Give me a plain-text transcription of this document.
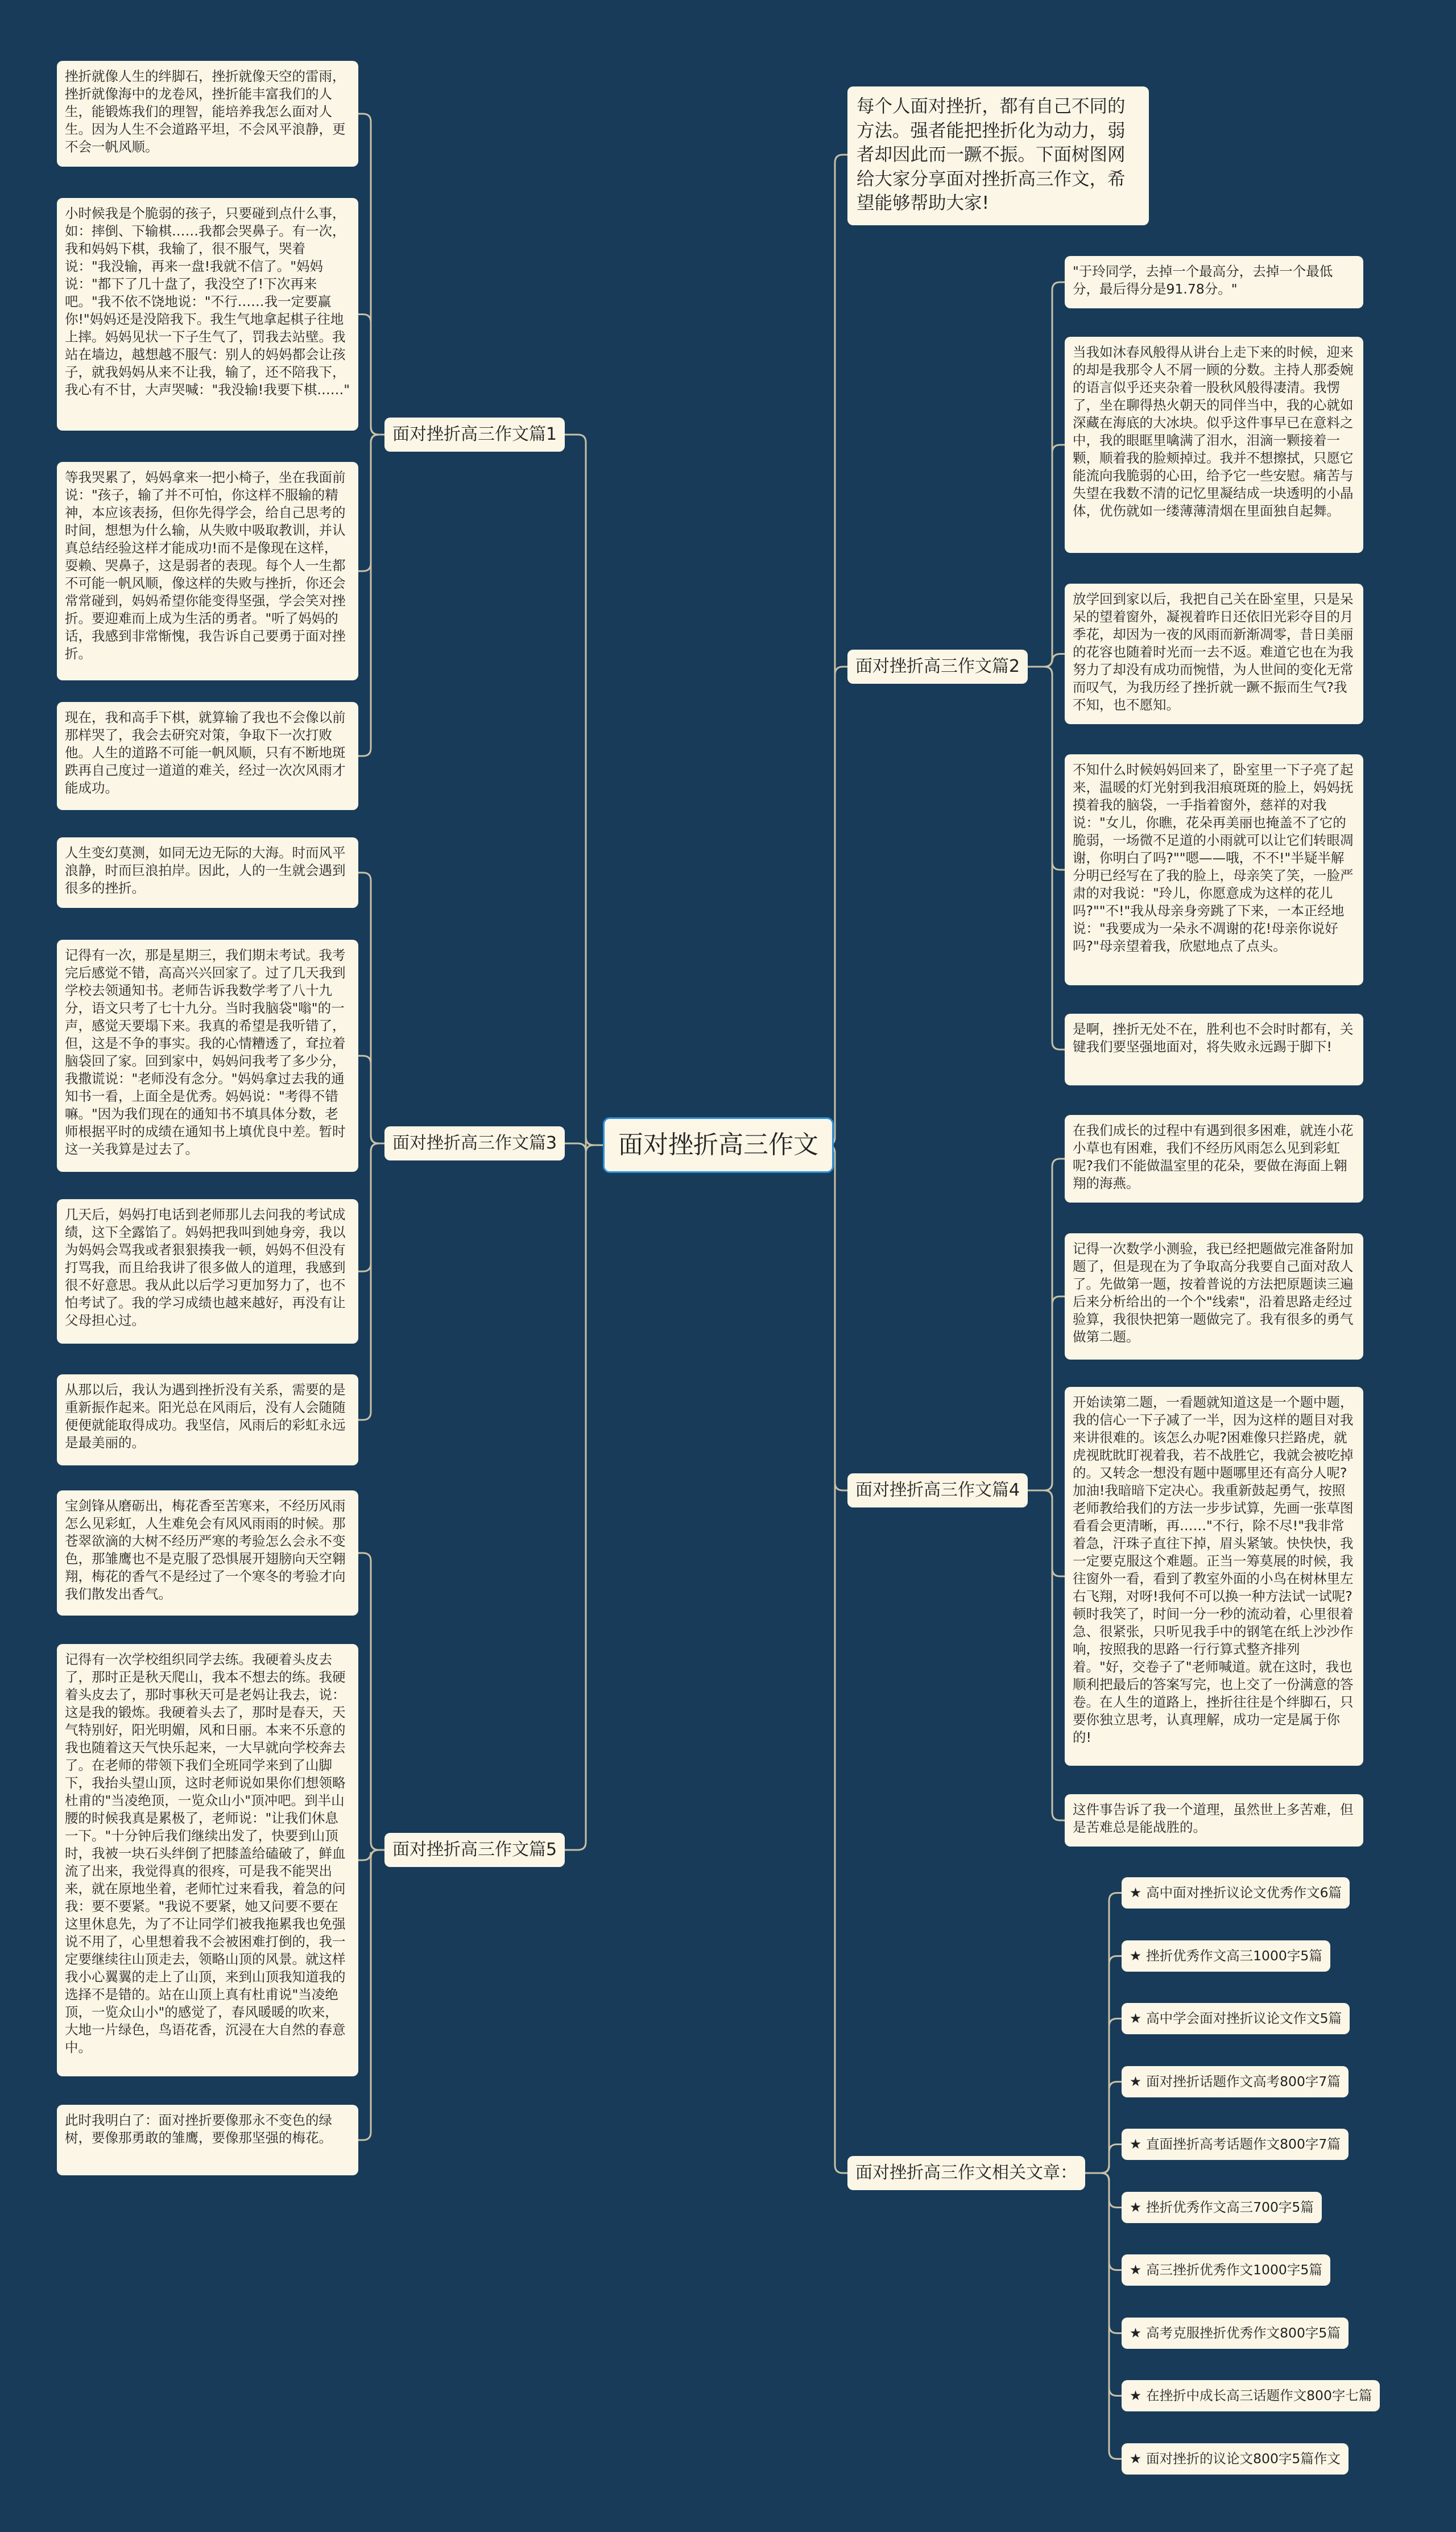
面对挫折高三作文
每个人面对挫折，都有自己不同的方法。强者能把挫折化为动力，弱者却因此而一蹶不振。下面树图网给大家分享面对挫折高三作文，希望能够帮助大家!
面对挫折高三作文篇1
挫折就像人生的绊脚石，挫折就像天空的雷雨，挫折就像海中的龙卷风，挫折能丰富我们的人生，能锻炼我们的理智，能培养我怎么面对人生。因为人生不会道路平坦，不会风平浪静，更不会一帆风顺。
小时候我是个脆弱的孩子，只要碰到点什么事，如：摔倒、下输棋……我都会哭鼻子。有一次，我和妈妈下棋，我输了，很不服气，哭着说："我没输，再来一盘!我就不信了。"妈妈说："都下了几十盘了，我没空了!下次再来吧。"我不依不饶地说："不行……我一定要赢你!"妈妈还是没陪我下。我生气地拿起棋子往地上摔。妈妈见状一下子生气了，罚我去站壁。我站在墙边，越想越不服气：别人的妈妈都会让孩子，就我妈妈从来不让我，输了，还不陪我下，我心有不甘，大声哭喊："我没输!我要下棋……"
等我哭累了，妈妈拿来一把小椅子，坐在我面前说："孩子，输了并不可怕，你这样不服输的精神，本应该表扬，但你先得学会，给自己思考的时间，想想为什么输，从失败中吸取教训，并认真总结经验这样才能成功!而不是像现在这样，耍赖、哭鼻子，这是弱者的表现。每个人一生都不可能一帆风顺，像这样的失败与挫折，你还会常常碰到，妈妈希望你能变得坚强，学会笑对挫折。要迎难而上成为生活的勇者。"听了妈妈的话，我感到非常惭愧，我告诉自己要勇于面对挫折。
现在，我和高手下棋，就算输了我也不会像以前那样哭了，我会去研究对策，争取下一次打败他。人生的道路不可能一帆风顺，只有不断地斑跌再自己度过一道道的难关，经过一次次风雨才能成功。
面对挫折高三作文篇3
人生变幻莫测，如同无边无际的大海。时而风平浪静，时而巨浪拍岸。因此，人的一生就会遇到很多的挫折。
记得有一次，那是星期三，我们期末考试。我考完后感觉不错，高高兴兴回家了。过了几天我到学校去领通知书。老师告诉我数学考了八十九分，语文只考了七十九分。当时我脑袋"嗡"的一声，感觉天要塌下来。我真的希望是我听错了，但，这是不争的事实。我的心情糟透了，耷拉着脑袋回了家。回到家中，妈妈问我考了多少分，我撒谎说："老师没有念分。"妈妈拿过去我的通知书一看，上面全是优秀。妈妈说："考得不错嘛。"因为我们现在的通知书不填具体分数，老师根据平时的成绩在通知书上填优良中差。暂时这一关我算是过去了。
几天后，妈妈打电话到老师那儿去问我的考试成绩，这下全露馅了。妈妈把我叫到她身旁，我以为妈妈会骂我或者狠狠揍我一顿，妈妈不但没有打骂我，而且给我讲了很多做人的道理，我感到很不好意思。我从此以后学习更加努力了，也不怕考试了。我的学习成绩也越来越好，再没有让父母担心过。
从那以后，我认为遇到挫折没有关系，需要的是重新振作起来。阳光总在风雨后，没有人会随随便便就能取得成功。我坚信，风雨后的彩虹永远是最美丽的。
面对挫折高三作文篇5
宝剑锋从磨砺出，梅花香至苦寒来，不经历风雨怎么见彩虹，人生难免会有风风雨雨的时候。那苍翠欲滴的大树不经历严寒的考验怎么会永不变色，那雏鹰也不是克服了恐惧展开翅膀向天空翱翔，梅花的香气不是经过了一个寒冬的考验才向我们散发出香气。
记得有一次学校组织同学去练。我硬着头皮去了，那时正是秋天爬山，我本不想去的练。我硬着头皮去了，那时事秋天可是老妈让我去，说：这是我的锻炼。我硬着头去了，那时是春天，天气特别好，阳光明媚，风和日丽。本来不乐意的我也随着这天气快乐起来，一大早就向学校奔去了。在老师的带领下我们全班同学来到了山脚下，我抬头望山顶，这时老师说如果你们想领略杜甫的"当凌绝顶，一览众山小"顶冲吧。到半山腰的时候我真是累极了，老师说："让我们休息一下。"十分钟后我们继续出发了，快要到山顶时，我被一块石头绊倒了把膝盖给磕破了，鲜血流了出来，我觉得真的很疼，可是我不能哭出来，就在原地坐着，老师忙过来看我，着急的问我：要不要紧。"我说不要紧，她又问要不要在这里休息先，为了不让同学们被我拖累我也免强说不用了，心里想着我不会被困难打倒的，我一定要继续往山顶走去，领略山顶的风景。就这样我小心翼翼的走上了山顶，来到山顶我知道我的选择不是错的。站在山顶上真有杜甫说"当凌绝顶，一览众山小"的感觉了，春风暖暖的吹来，大地一片绿色，鸟语花香，沉浸在大自然的春意中。
此时我明白了：面对挫折要像那永不变色的绿树，要像那勇敢的雏鹰，要像那坚强的梅花。
面对挫折高三作文篇2
"于玲同学，去掉一个最高分，去掉一个最低分，最后得分是91.78分。"
当我如沐春风般得从讲台上走下来的时候，迎来的却是我那令人不屑一顾的分数。主持人那委婉的语言似乎还夹杂着一股秋风般得凄清。我愣了，坐在聊得热火朝天的同伴当中，我的心就如深藏在海底的大冰块。似乎这件事早已在意料之中，我的眼眶里噙满了泪水，泪滴一颗接着一颗，顺着我的脸颊掉过。我并不想擦拭，只愿它能流向我脆弱的心田，给予它一些安慰。痛苦与失望在我数不清的记忆里凝结成一块透明的小晶体，优伤就如一缕薄薄清烟在里面独自起舞。
放学回到家以后，我把自己关在卧室里，只是呆呆的望着窗外，凝视着昨日还依旧光彩夺目的月季花，却因为一夜的风雨而新渐凋零，昔日美丽的花容也随着时光而一去不返。难道它也在为我努力了却没有成功而惋惜，为人世间的变化无常而叹气，为我历经了挫折就一蹶不振而生气?我不知，也不愿知。
不知什么时候妈妈回来了，卧室里一下子亮了起来，温暖的灯光射到我泪痕斑斑的脸上，妈妈抚摸着我的脑袋，一手指着窗外，慈祥的对我说："女儿，你瞧，花朵再美丽也掩盖不了它的脆弱，一场微不足道的小雨就可以让它们转眼凋谢，你明白了吗?""嗯——哦，不不!"半疑半解分明已经写在了我的脸上，母亲笑了笑，一脸严肃的对我说："玲儿，你愿意成为这样的花儿吗?""不!"我从母亲身旁跳了下来，一本正经地说："我要成为一朵永不凋谢的花!母亲你说好吗?"母亲望着我，欣慰地点了点头。
是啊，挫折无处不在，胜利也不会时时都有，关键我们要坚强地面对，将失败永远踢于脚下!
面对挫折高三作文篇4
在我们成长的过程中有遇到很多困难，就连小花小草也有困难，我们不经历风雨怎么见到彩虹呢?我们不能做温室里的花朵，要做在海面上翱翔的海燕。
记得一次数学小测验，我已经把题做完准备附加题了，但是现在为了争取高分我要自己面对敌人了。先做第一题，按着普说的方法把原题读三遍后来分析给出的一个个"线索"，沿着思路走经过验算，我很快把第一题做完了。我有很多的勇气做第二题。
开始读第二题，一看题就知道这是一个题中题，我的信心一下子减了一半，因为这样的题目对我来讲很难的。该怎么办呢?困难像只拦路虎，就虎视眈眈盯视着我，若不战胜它，我就会被吃掉的。又转念一想没有题中题哪里还有高分人呢?加油!我暗暗下定决心。我重新鼓起勇气，按照老师教给我们的方法一步步试算，先画一张草图看看会更清晰，再……"不行，除不尽!"我非常着急，汗珠子直往下掉，眉头紧皱。快快快，我一定要克服这个难题。正当一筹莫展的时候，我往窗外一看，看到了教室外面的小鸟在树林里左右飞翔，对呀!我何不可以换一种方法试一试呢?顿时我笑了，时间一分一秒的流动着，心里很着急、很紧张，只听见我手中的钢笔在纸上沙沙作响，按照我的思路一行行算式整齐排列着。"好，交卷子了"老师喊道。就在这时，我也顺利把最后的答案写完，也上交了一份满意的答卷。在人生的道路上，挫折往往是个绊脚石，只要你独立思考，认真理解，成功一定是属于你的!
这件事告诉了我一个道理，虽然世上多苦难，但是苦难总是能战胜的。
面对挫折高三作文相关文章：
★ 高中面对挫折议论文优秀作文6篇
★ 挫折优秀作文高三1000字5篇
★ 高中学会面对挫折议论文作文5篇
★ 面对挫折话题作文高考800字7篇
★ 直面挫折高考话题作文800字7篇
★ 挫折优秀作文高三700字5篇
★ 高三挫折优秀作文1000字5篇
★ 高考克服挫折优秀作文800字5篇
★ 在挫折中成长高三话题作文800字七篇
★ 面对挫折的议论文800字5篇作文
